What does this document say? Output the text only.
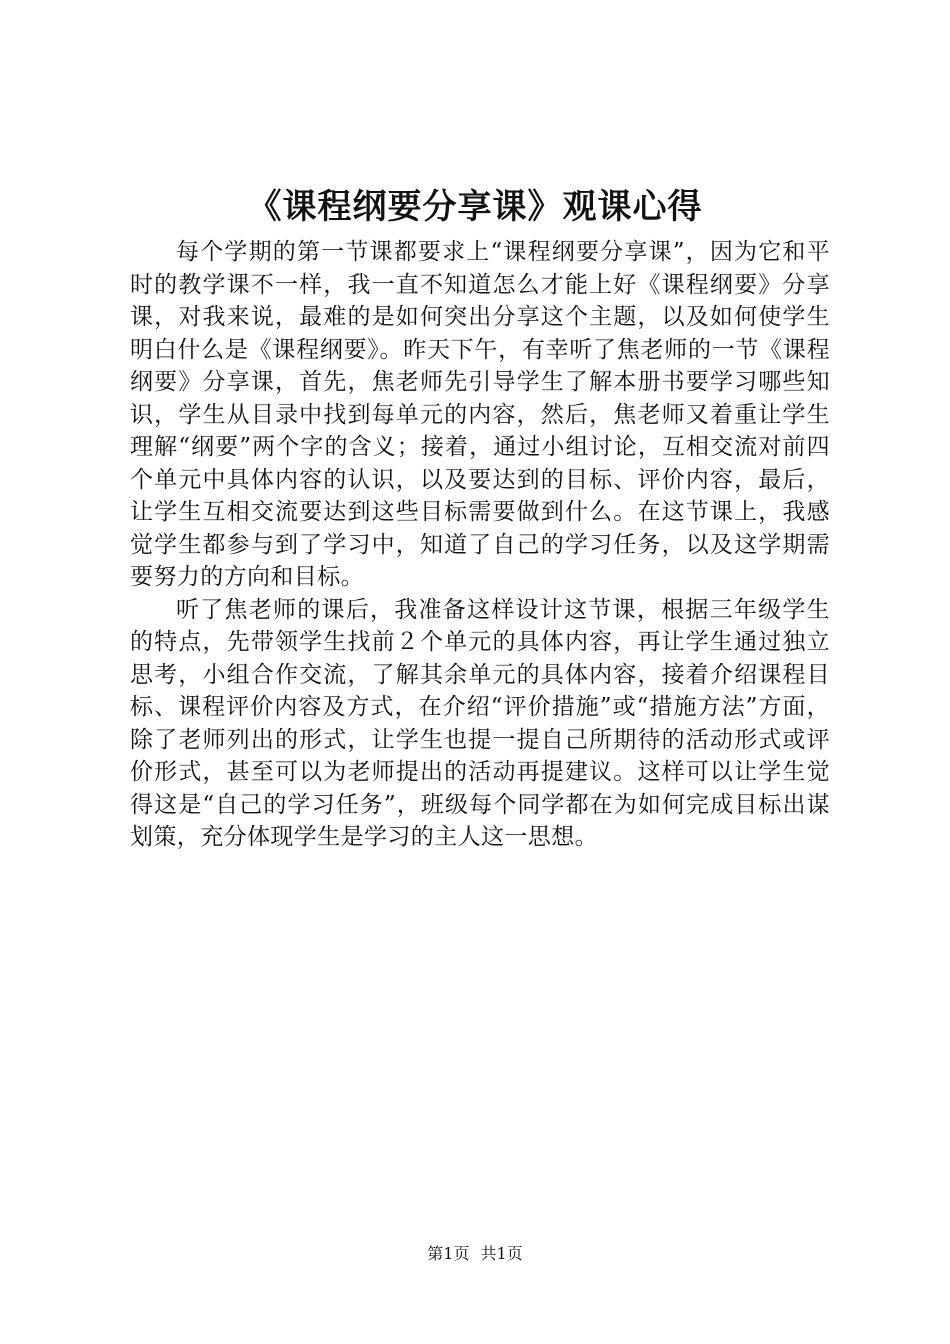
《课程纲要分享课》观课心得

每个学期的第一节课都要求上“课程纲要分享课”，因为它和平时的教学课不一样，我一直不知道怎么才能上好《课程纲要》分享课，对我来说，最难的是如何突出分享这个主题，以及如何使学生明白什么是《课程纲要》。昨天下午，有幸听了焦老师的一节《课程纲要》分享课，首先，焦老师先引导学生了解本册书要学习哪些知识，学生从目录中找到每单元的内容，然后，焦老师又着重让学生理解“纲要”两个字的含义；接着，通过小组讨论，互相交流对前四个单元中具体内容的认识，以及要达到的目标、评价内容，最后，让学生互相交流要达到这些目标需要做到什么。在这节课上，我感觉学生都参与到了学习中，知道了自己的学习任务，以及这学期需要努力的方向和目标。

听了焦老师的课后，我准备这样设计这节课，根据三年级学生的特点，先带领学生找前２个单元的具体内容，再让学生通过独立思考，小组合作交流，了解其余单元的具体内容，接着介绍课程目标、课程评价内容及方式，在介绍“评价措施”或“措施方法”方面，除了老师列出的形式，让学生也提一提自己所期待的活动形式或评价形式，甚至可以为老师提出的活动再提建议。这样可以让学生觉得这是“自己的学习任务”，班级每个同学都在为如何完成目标出谋划策，充分体现学生是学习的主人这一思想。

第1页 共1页
